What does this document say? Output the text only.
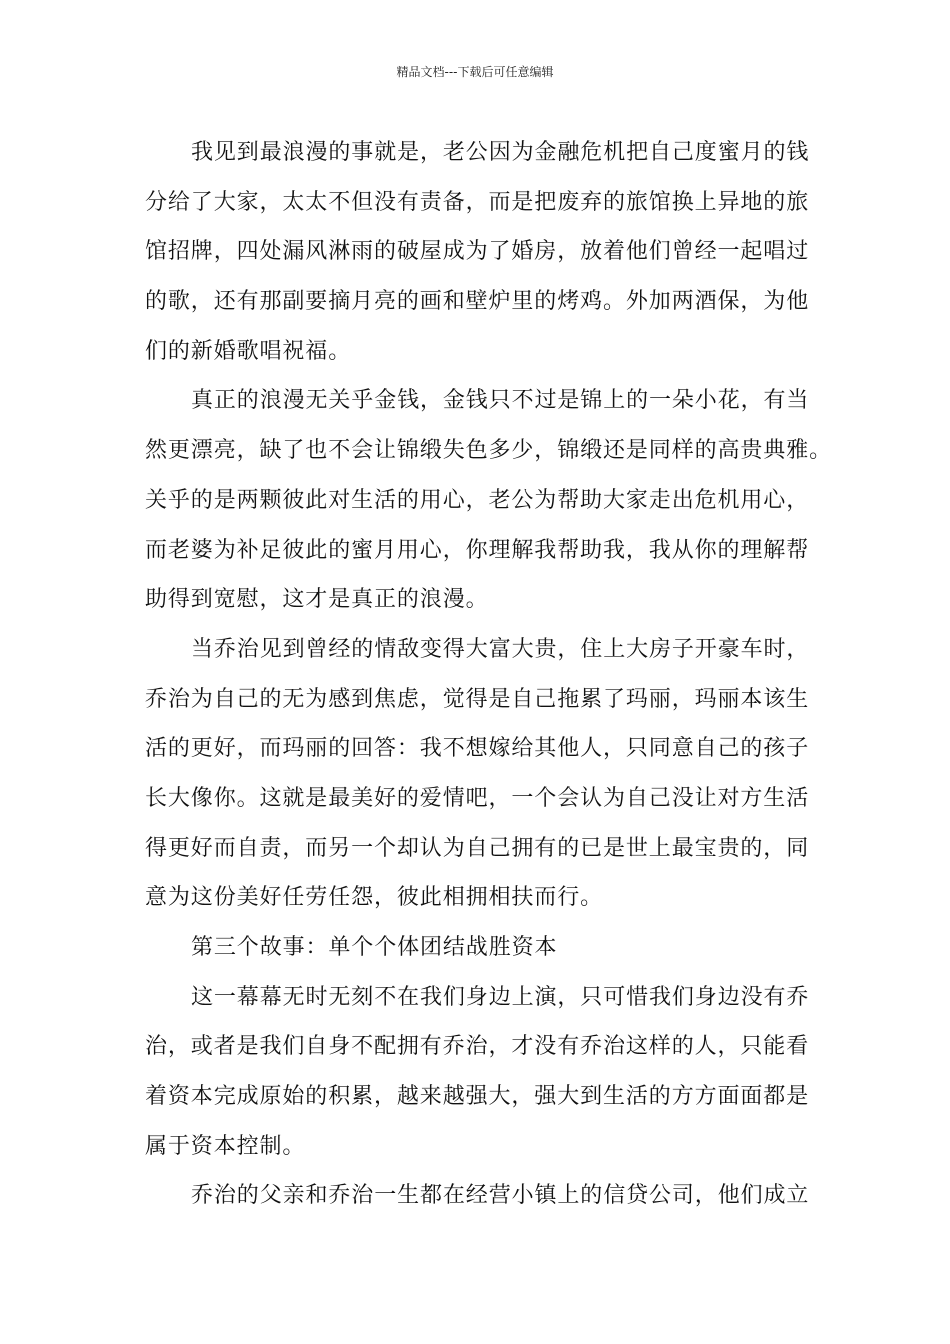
精品文档---下载后可任意编辑
我见到最浪漫的事就是，老公因为金融危机把自己度蜜月的钱
分给了大家，太太不但没有责备，而是把废弃的旅馆换上异地的旅
馆招牌，四处漏风淋雨的破屋成为了婚房，放着他们曾经一起唱过
的歌，还有那副要摘月亮的画和壁炉里的烤鸡。外加两酒保，为他
们的新婚歌唱祝福。
真正的浪漫无关乎金钱，金钱只不过是锦上的一朵小花，有当
然更漂亮，缺了也不会让锦缎失色多少，锦缎还是同样的高贵典雅。
关乎的是两颗彼此对生活的用心，老公为帮助大家走出危机用心，
而老婆为补足彼此的蜜月用心，你理解我帮助我，我从你的理解帮
助得到宽慰，这才是真正的浪漫。
当乔治见到曾经的情敌变得大富大贵，住上大房子开豪车时，
乔治为自己的无为感到焦虑，觉得是自己拖累了玛丽，玛丽本该生
活的更好，而玛丽的回答：我不想嫁给其他人，只同意自己的孩子
长大像你。这就是最美好的爱情吧，一个会认为自己没让对方生活
得更好而自责，而另一个却认为自己拥有的已是世上最宝贵的，同
意为这份美好任劳任怨，彼此相拥相扶而行。
第三个故事：单个个体团结战胜资本
这一幕幕无时无刻不在我们身边上演，只可惜我们身边没有乔
治，或者是我们自身不配拥有乔治，才没有乔治这样的人，只能看
着资本完成原始的积累，越来越强大，强大到生活的方方面面都是
属于资本控制。
乔治的父亲和乔治一生都在经营小镇上的信贷公司，他们成立
